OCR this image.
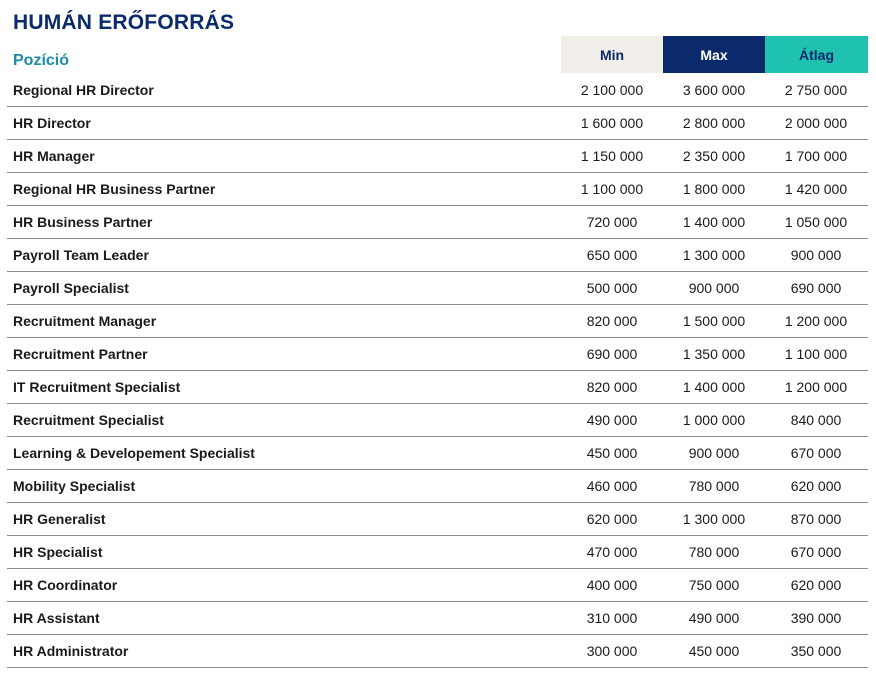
HUMÁN ERŐFORRÁS
Pozíció	Min	Max	Átlag
Regional HR Director	2 100 000	3 600 000	2 750 000
HR Director	1 600 000	2 800 000	2 000 000
HR Manager	1 150 000	2 350 000	1 700 000
Regional HR Business Partner	1 100 000	1 800 000	1 420 000
HR Business Partner	720 000	1 400 000	1 050 000
Payroll Team Leader	650 000	1 300 000	900 000
Payroll Specialist	500 000	900 000	690 000
Recruitment Manager	820 000	1 500 000	1 200 000
Recruitment Partner	690 000	1 350 000	1 100 000
IT Recruitment Specialist	820 000	1 400 000	1 200 000
Recruitment Specialist	490 000	1 000 000	840 000
Learning & Developement Specialist	450 000	900 000	670 000
Mobility Specialist	460 000	780 000	620 000
HR Generalist	620 000	1 300 000	870 000
HR Specialist	470 000	780 000	670 000
HR Coordinator	400 000	750 000	620 000
HR Assistant	310 000	490 000	390 000
HR Administrator	300 000	450 000	350 000
